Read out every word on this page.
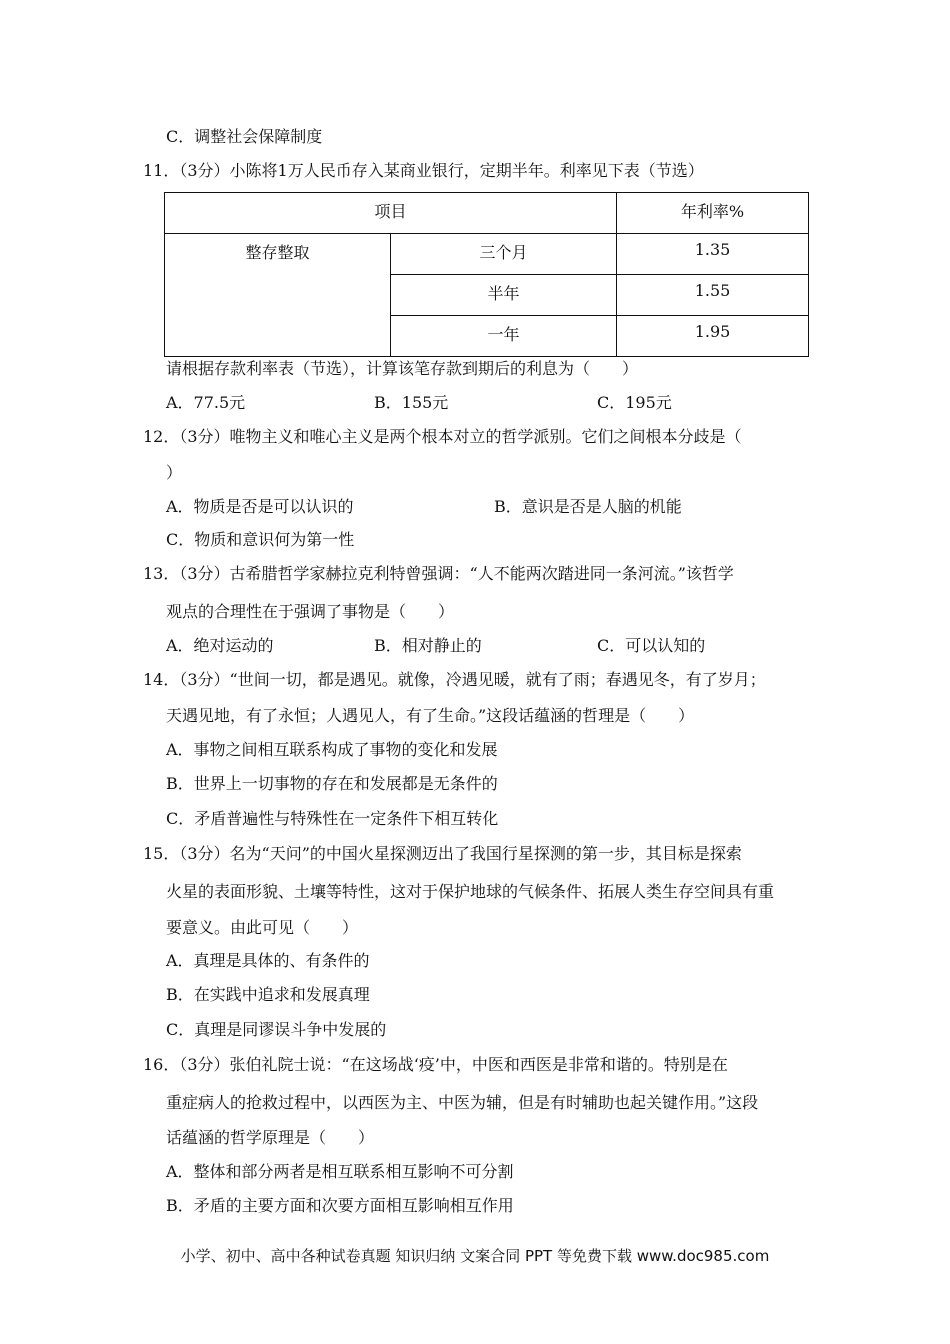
C．调整社会保障制度
11．（3分）小陈将1万人民币存入某商业银行，定期半年。利率见下表（节选）
项目		年利率%
整存整取	三个月	1.35
	半年	1.55
	一年	1.95
请根据存款利率表（节选），计算该笔存款到期后的利息为（　　）
A．77.5元	B．155元	C．195元
12．（3分）唯物主义和唯心主义是两个根本对立的哲学派别。它们之间根本分歧是（
）
A．物质是否是可以认识的	B．意识是否是人脑的机能
C．物质和意识何为第一性
13．（3分）古希腊哲学家赫拉克利特曾强调：“人不能两次踏进同一条河流。”该哲学
观点的合理性在于强调了事物是（　　）
A．绝对运动的	B．相对静止的	C．可以认知的
14．（3分）“世间一切，都是遇见。就像，冷遇见暖，就有了雨；春遇见冬，有了岁月；
天遇见地，有了永恒；人遇见人，有了生命。”这段话蕴涵的哲理是（　　）
A．事物之间相互联系构成了事物的变化和发展
B．世界上一切事物的存在和发展都是无条件的
C．矛盾普遍性与特殊性在一定条件下相互转化
15．（3分）名为“天问”的中国火星探测迈出了我国行星探测的第一步，其目标是探索
火星的表面形貌、土壤等特性，这对于保护地球的气候条件、拓展人类生存空间具有重
要意义。由此可见（　　）
A．真理是具体的、有条件的
B．在实践中追求和发展真理
C．真理是同谬误斗争中发展的
16．（3分）张伯礼院士说：“在这场战‘疫’中，中医和西医是非常和谐的。特别是在
重症病人的抢救过程中，以西医为主、中医为辅，但是有时辅助也起关键作用。”这段
话蕴涵的哲学原理是（　　）
A．整体和部分两者是相互联系相互影响不可分割
B．矛盾的主要方面和次要方面相互影响相互作用
小学、初中、高中各种试卷真题 知识归纳 文案合同 PPT 等免费下载 www.doc985.com
